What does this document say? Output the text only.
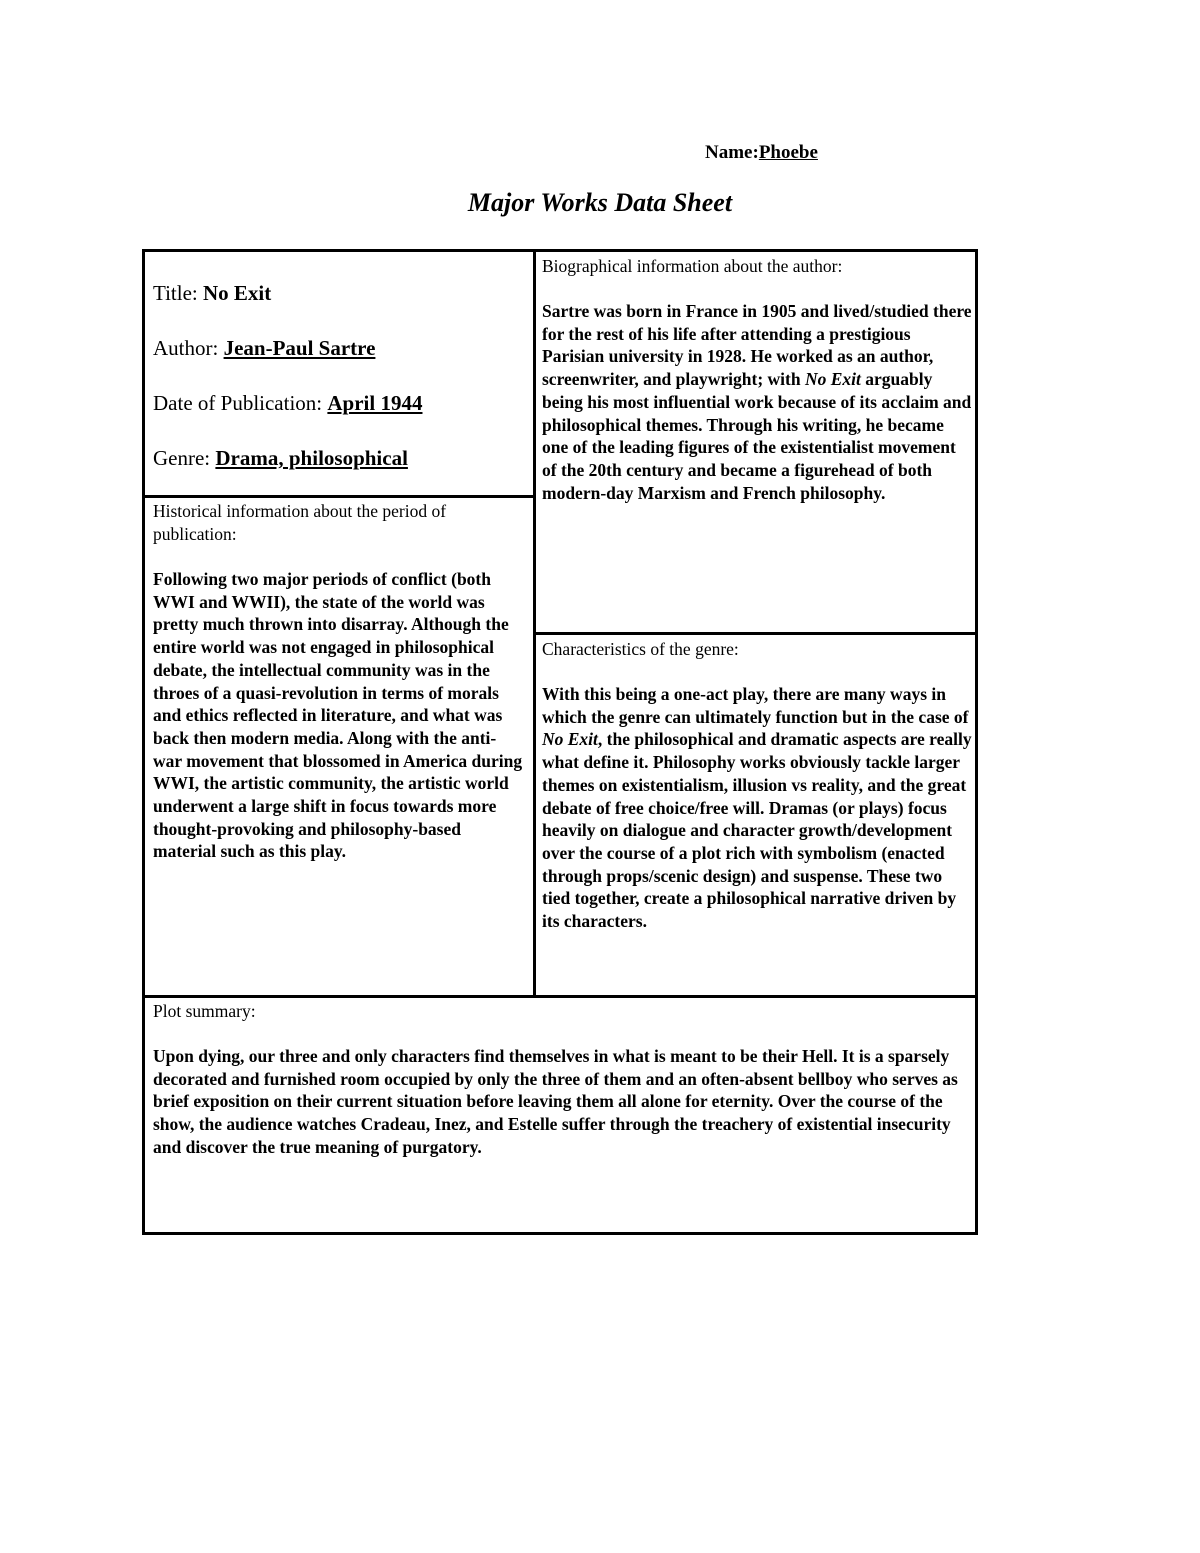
Name:Phoebe
Major Works Data Sheet
Title: No Exit
Author: Jean-Paul Sartre
Date of Publication: April 1944
Genre: Drama, philosophical
Biographical information about the author:
Sartre was born in France in 1905 and lived/studied there for the rest of his life after attending a prestigious Parisian university in 1928. He worked as an author, screenwriter, and playwright; with No Exit arguably being his most influential work because of its acclaim and philosophical themes. Through his writing, he became one of the leading figures of the existentialist movement of the 20th century and became a figurehead of both modern-day Marxism and French philosophy.
Historical information about the period of publication:
Following two major periods of conflict (both WWI and WWII), the state of the world was pretty much thrown into disarray. Although the entire world was not engaged in philosophical debate, the intellectual community was in the throes of a quasi-revolution in terms of morals and ethics reflected in literature, and what was back then modern media. Along with the anti-war movement that blossomed in America during WWI, the artistic community, the artistic world underwent a large shift in focus towards more thought-provoking and philosophy-based material such as this play.
Characteristics of the genre:
With this being a one-act play, there are many ways in which the genre can ultimately function but in the case of No Exit, the philosophical and dramatic aspects are really what define it. Philosophy works obviously tackle larger themes on existentialism, illusion vs reality, and the great debate of free choice/free will. Dramas (or plays) focus heavily on dialogue and character growth/development over the course of a plot rich with symbolism (enacted through props/scenic design) and suspense. These two tied together, create a philosophical narrative driven by its characters.
Plot summary:
Upon dying, our three and only characters find themselves in what is meant to be their Hell. It is a sparsely decorated and furnished room occupied by only the three of them and an often-absent bellboy who serves as brief exposition on their current situation before leaving them all alone for eternity. Over the course of the show, the audience watches Cradeau, Inez, and Estelle suffer through the treachery of existential insecurity and discover the true meaning of purgatory.
